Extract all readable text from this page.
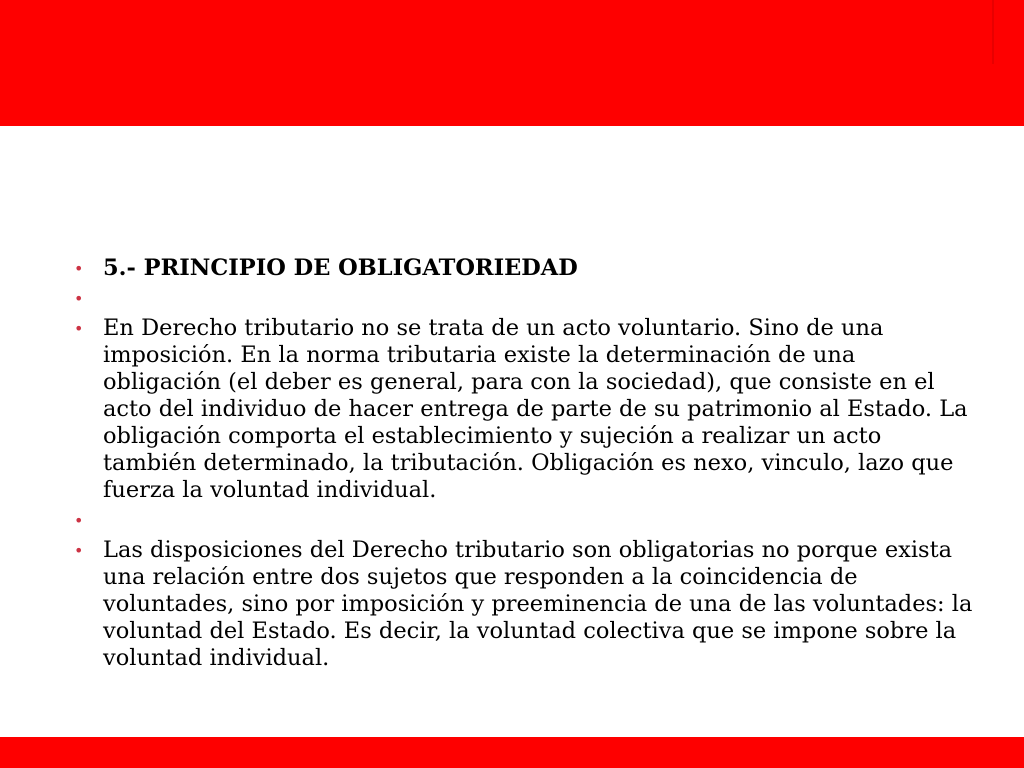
• 5.- PRINCIPIO DE OBLIGATORIEDAD
•
• En Derecho tributario no se trata de un acto voluntario. Sino de una imposición. En la norma tributaria existe la determinación de una obligación (el deber es general, para con la sociedad), que consiste en el acto del individuo de hacer entrega de parte de su patrimonio al Estado. La obligación comporta el establecimiento y sujeción a realizar un acto también determinado, la tributación. Obligación es nexo, vinculo, lazo que fuerza la voluntad individual.
•
• Las disposiciones del Derecho tributario son obligatorias no porque exista una relación entre dos sujetos que responden a la coincidencia de voluntades, sino por imposición y preeminencia de una de las voluntades: la voluntad del Estado. Es decir, la voluntad colectiva que se impone sobre la voluntad individual.
